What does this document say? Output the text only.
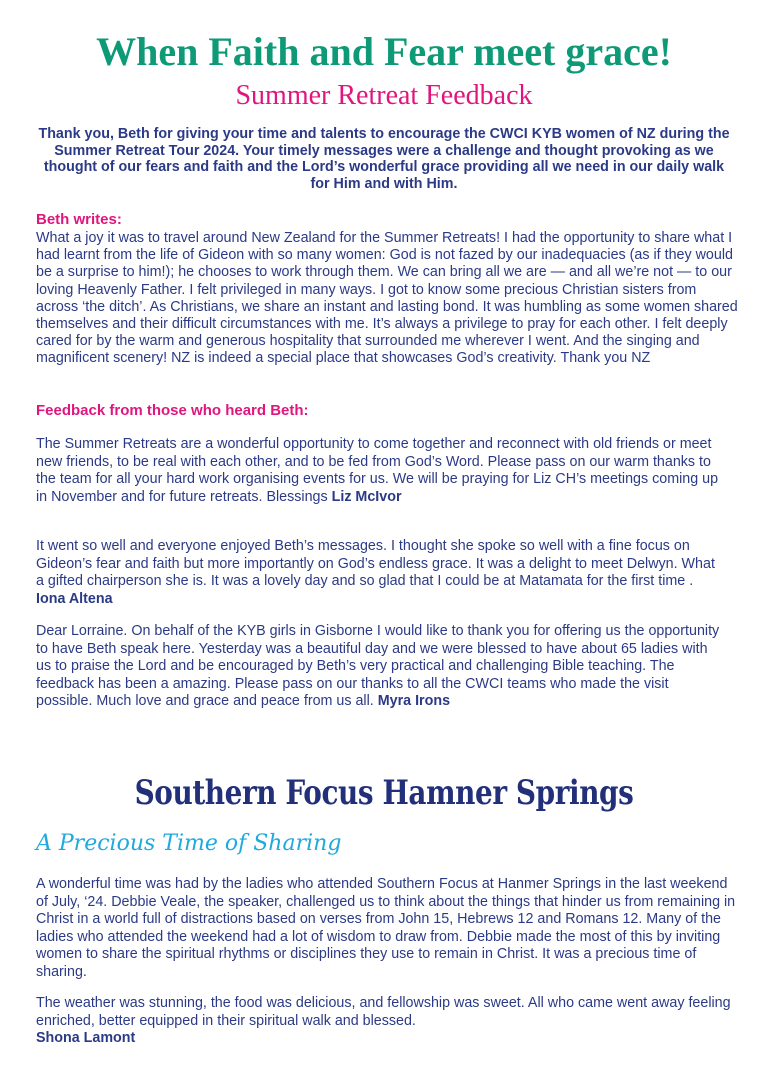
When Faith and Fear meet grace!
Summer Retreat Feedback
Thank you, Beth for giving your time and talents to encourage the CWCI KYB women of NZ during the Summer Retreat Tour 2024. Your timely messages were a challenge and thought provoking as we thought of our fears and faith and the Lord’s wonderful grace providing all we need in our daily walk for Him and with Him.
Beth writes:
What a joy it was to travel around New Zealand for the Summer Retreats! I had the opportunity to share what I had learnt from the life of Gideon with so many women: God is not fazed by our inadequacies (as if they would be a surprise to him!); he chooses to work through them. We can bring all we are — and all we’re not — to our loving Heavenly Father. I felt privileged in many ways. I got to know some precious Christian sisters from across ‘the ditch’. As Christians, we share an instant and lasting bond. It was humbling as some women shared themselves and their difficult circumstances with me. It’s always a privilege to pray for each other. I felt deeply cared for by the warm and generous hospitality that surrounded me wherever I went. And the singing and magnificent scenery! NZ is indeed a special place that showcases God’s creativity. Thank you NZ
Feedback from those who heard Beth:
The Summer Retreats are a wonderful opportunity to come together and reconnect with old friends or meet new friends, to be real with each other, and to be fed from God’s Word. Please pass on our warm thanks to the team for all your hard work organising events for us. We will be praying for Liz CH’s meetings coming up in November and for future retreats. Blessings Liz McIvor
It went so well and everyone enjoyed Beth’s messages. I thought she spoke so well with a fine focus on Gideon’s fear and faith but more importantly on God’s endless grace. It was a delight to meet Delwyn. What a gifted chairperson she is. It was a lovely day and so glad that I could be at Matamata for the first time . Iona Altena
Dear Lorraine. On behalf of the KYB girls in Gisborne I would like to thank you for offering us the opportunity to have Beth speak here. Yesterday was a beautiful day and we were blessed to have about 65 ladies with us to praise the Lord and be encouraged by Beth’s very practical and challenging Bible teaching. The feedback has been a amazing. Please pass on our thanks to all the CWCI teams who made the visit possible. Much love and grace and peace from us all. Myra Irons
Southern Focus Hamner Springs
A Precious Time of Sharing
A wonderful time was had by the ladies who attended Southern Focus at Hanmer Springs in the last weekend of July, ‘24. Debbie Veale, the speaker, challenged us to think about the things that hinder us from remaining in Christ in a world full of distractions based on verses from John 15, Hebrews 12 and Romans 12. Many of the ladies who attended the weekend had a lot of wisdom to draw from. Debbie made the most of this by inviting women to share the spiritual rhythms or disciplines they use to remain in Christ. It was a precious time of sharing.
The weather was stunning, the food was delicious, and fellowship was sweet. All who came went away feeling enriched, better equipped in their spiritual walk and blessed.
Shona Lamont
